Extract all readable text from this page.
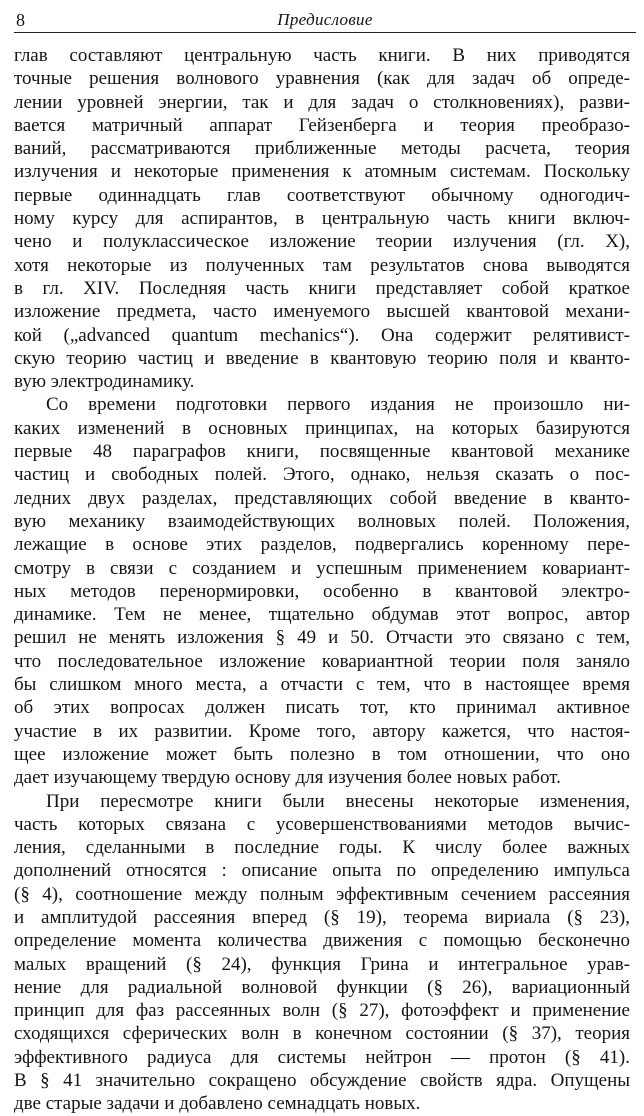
8	Предисловие
глав составляют центральную часть книги. В них приводятся
точные решения волнового уравнения (как для задач об опреде-
лении уровней энергии, так и для задач о столкновениях), разви-
вается матричный аппарат Гейзенберга и теория преобразо-
ваний, рассматриваются приближенные методы расчета, теория
излучения и некоторые применения к атомным системам. Поскольку
первые одиннадцать глав соответствуют обычному одногодич-
ному курсу для аспирантов, в центральную часть книги включ-
чено и полуклассическое изложение теории излучения (гл. X),
хотя некоторые из полученных там результатов снова выводятся
в гл. XIV. Последняя часть книги представляет собой краткое
изложение предмета, часто именуемого высшей квантовой механи-
кой („advanced quantum mechanics“). Она содержит релятивист-
скую теорию частиц и введение в квантовую теорию поля и кванто-
вую электродинамику.
Со времени подготовки первого издания не произошло ни-
каких изменений в основных принципах, на которых базируются
первые 48 параграфов книги, посвященные квантовой механике
частиц и свободных полей. Этого, однако, нельзя сказать о пос-
ледних двух разделах, представляющих собой введение в кванто-
вую механику взаимодействующих волновых полей. Положения,
лежащие в основе этих разделов, подвергались коренному пере-
смотру в связи с созданием и успешным применением ковариант-
ных методов перенормировки, особенно в квантовой электро-
динамике. Тем не менее, тщательно обдумав этот вопрос, автор
решил не менять изложения § 49 и 50. Отчасти это связано с тем,
что последовательное изложение ковариантной теории поля заняло
бы слишком много места, а отчасти с тем, что в настоящее время
об этих вопросах должен писать тот, кто принимал активное
участие в их развитии. Кроме того, автору кажется, что настоя-
щее изложение может быть полезно в том отношении, что оно
дает изучающему твердую основу для изучения более новых работ.
При пересмотре книги были внесены некоторые изменения,
часть которых связана с усовершенствованиями методов вычис-
ления, сделанными в последние годы. К числу более важных
дополнений относятся : описание опыта по определению импульса
(§ 4), соотношение между полным эффективным сечением рассеяния
и амплитудой рассеяния вперед (§ 19), теорема вириала (§ 23),
определение момента количества движения с помощью бесконечно
малых вращений (§ 24), функция Грина и интегральное урав-
нение для радиальной волновой функции (§ 26), вариационный
принцип для фаз рассеянных волн (§ 27), фотоэффект и применение
сходящихся сферических волн в конечном состоянии (§ 37), теория
эффективного радиуса для системы нейтрон — протон (§ 41).
В § 41 значительно сокращено обсуждение свойств ядра. Опущены
две старые задачи и добавлено семнадцать новых.
